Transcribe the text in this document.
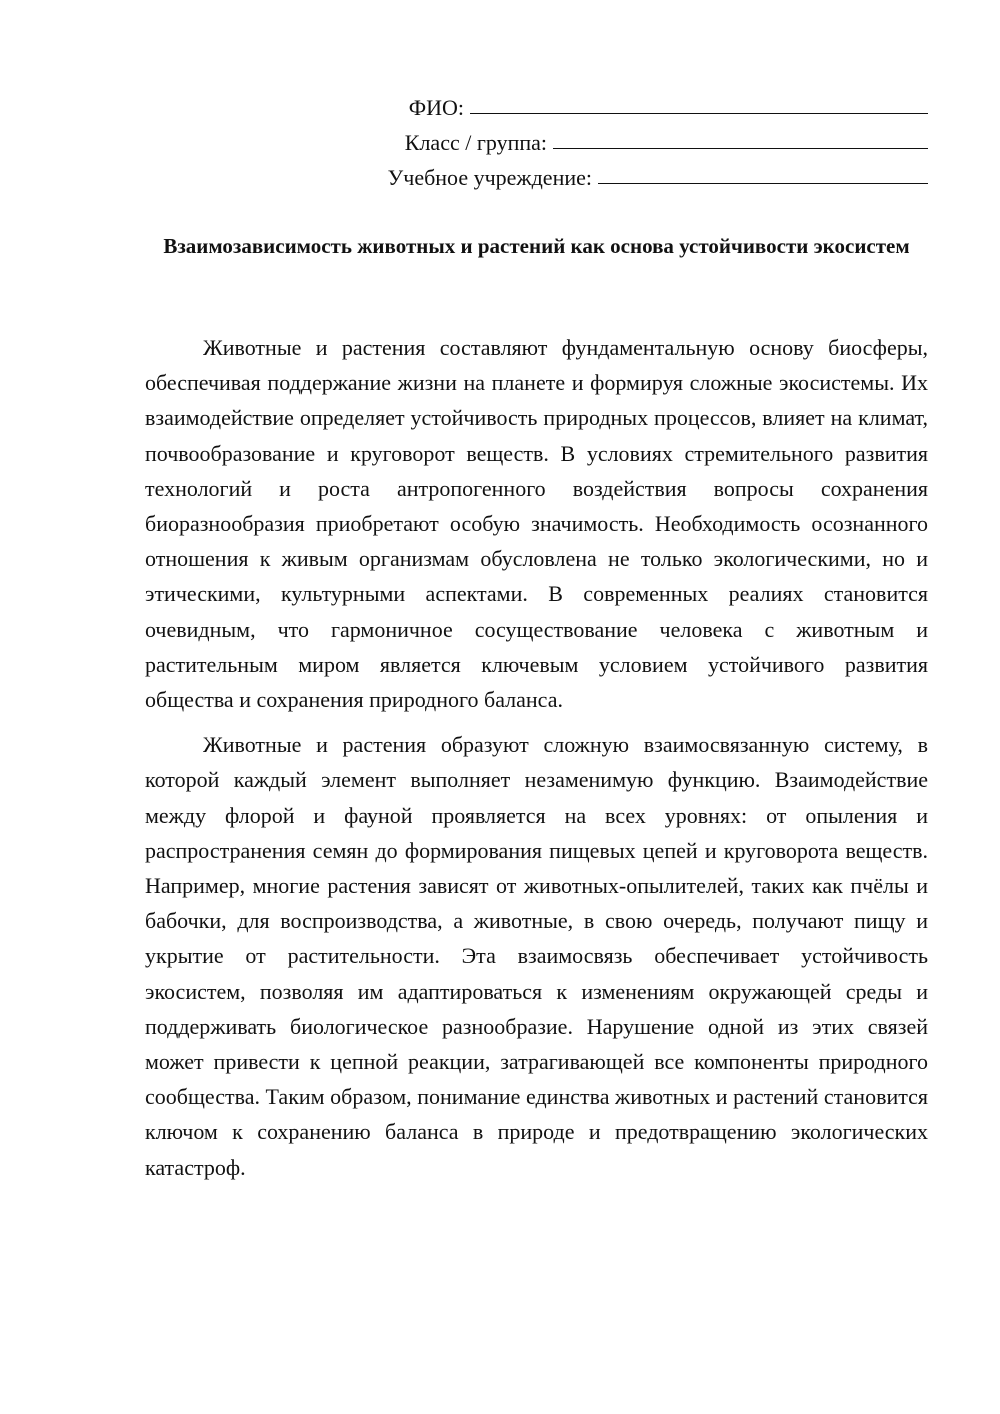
ФИО:
Класс / группа:
Учебное учреждение:
Взаимозависимость животных и растений как основа устойчивости экосистем

Животные и растения составляют фундаментальную основу биосферы, обеспечивая поддержание жизни на планете и формируя сложные экосистемы. Их взаимодействие определяет устойчивость природных процессов, влияет на климат, почвообразование и круговорот веществ. В условиях стремительного развития технологий и роста антропогенного воздействия вопросы сохранения биоразнообразия приобретают особую значимость. Необходимость осознанного отношения к живым организмам обусловлена не только экологическими, но и этическими, культурными аспектами. В современных реалиях становится очевидным, что гармоничное сосуществование человека с животным и растительным миром является ключевым условием устойчивого развития общества и сохранения природного баланса.

Животные и растения образуют сложную взаимосвязанную систему, в которой каждый элемент выполняет незаменимую функцию. Взаимодействие между флорой и фауной проявляется на всех уровнях: от опыления и распространения семян до формирования пищевых цепей и круговорота веществ. Например, многие растения зависят от животных-опылителей, таких как пчёлы и бабочки, для воспроизводства, а животные, в свою очередь, получают пищу и укрытие от растительности. Эта взаимосвязь обеспечивает устойчивость экосистем, позволяя им адаптироваться к изменениям окружающей среды и поддерживать биологическое разнообразие. Нарушение одной из этих связей может привести к цепной реакции, затрагивающей все компоненты природного сообщества. Таким образом, понимание единства животных и растений становится ключом к сохранению баланса в природе и предотвращению экологических катастроф.
